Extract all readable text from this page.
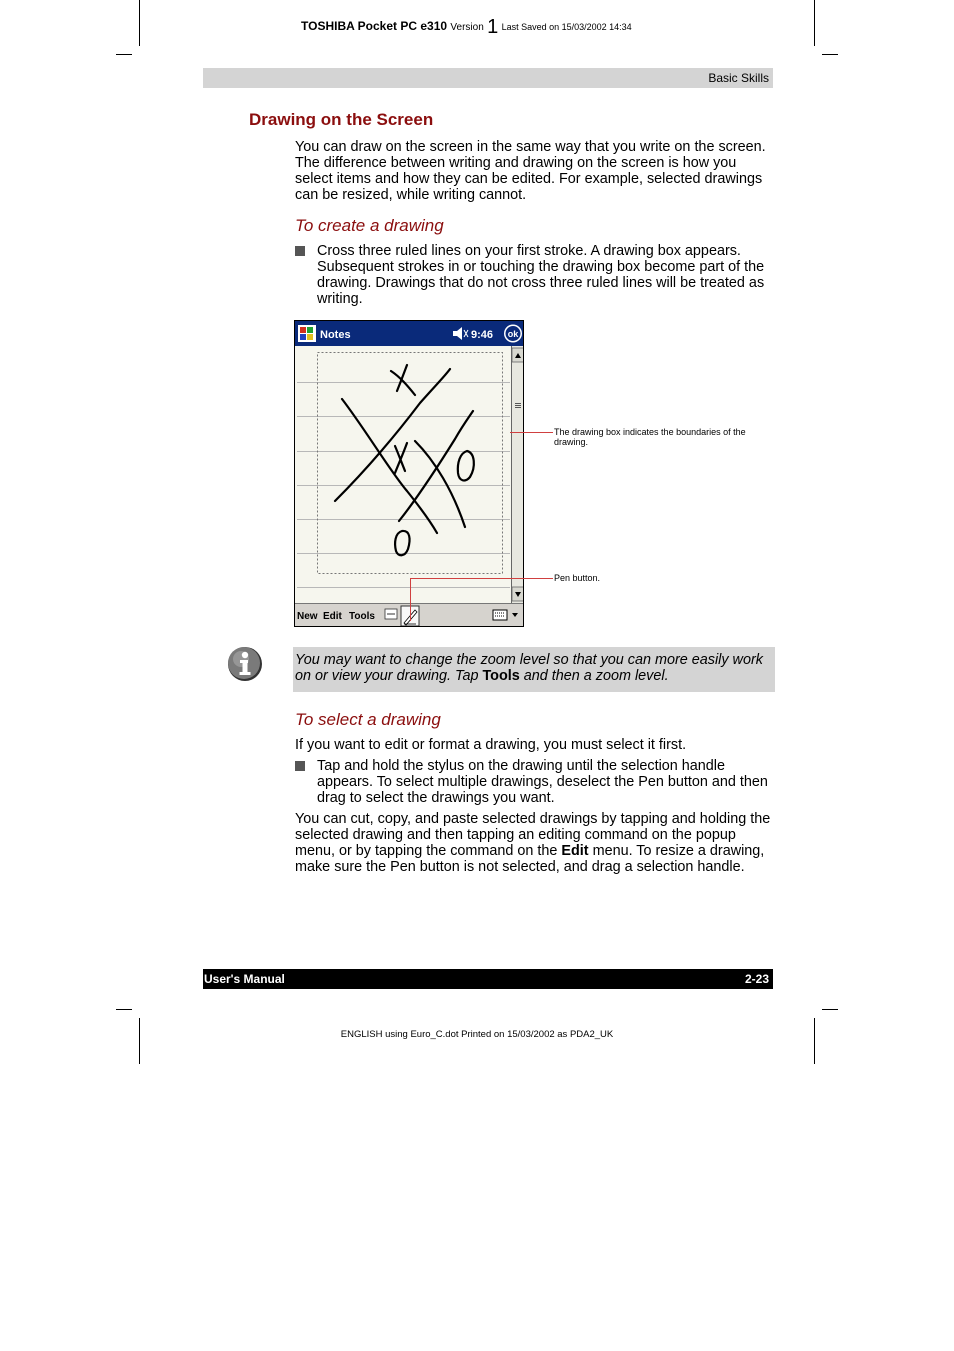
TOSHIBA Pocket PC e310 Version 1 Last Saved on 15/03/2002 14:34
Basic Skills
Drawing on the Screen

You can draw on the screen in the same way that you write on the screen. The difference between writing and drawing on the screen is how you select items and how they can be edited. For example, selected drawings can be resized, while writing cannot.

To create a drawing

Cross three ruled lines on your first stroke. A drawing box appears. Subsequent strokes in or touching the drawing box become part of the drawing. Drawings that do not cross three ruled lines will be treated as writing.

Notes	9:46 ok
New Edit Tools
The drawing box indicates the boundaries of the drawing.
Pen button.

You may want to change the zoom level so that you can more easily work on or view your drawing. Tap Tools and then a zoom level.

To select a drawing

If you want to edit or format a drawing, you must select it first.

Tap and hold the stylus on the drawing until the selection handle appears. To select multiple drawings, deselect the Pen button and then drag to select the drawings you want.

You can cut, copy, and paste selected drawings by tapping and holding the selected drawing and then tapping an editing command on the popup menu, or by tapping the command on the Edit menu. To resize a drawing, make sure the Pen button is not selected, and drag a selection handle.

User's Manual	2-23
ENGLISH using Euro_C.dot Printed on 15/03/2002 as PDA2_UK
